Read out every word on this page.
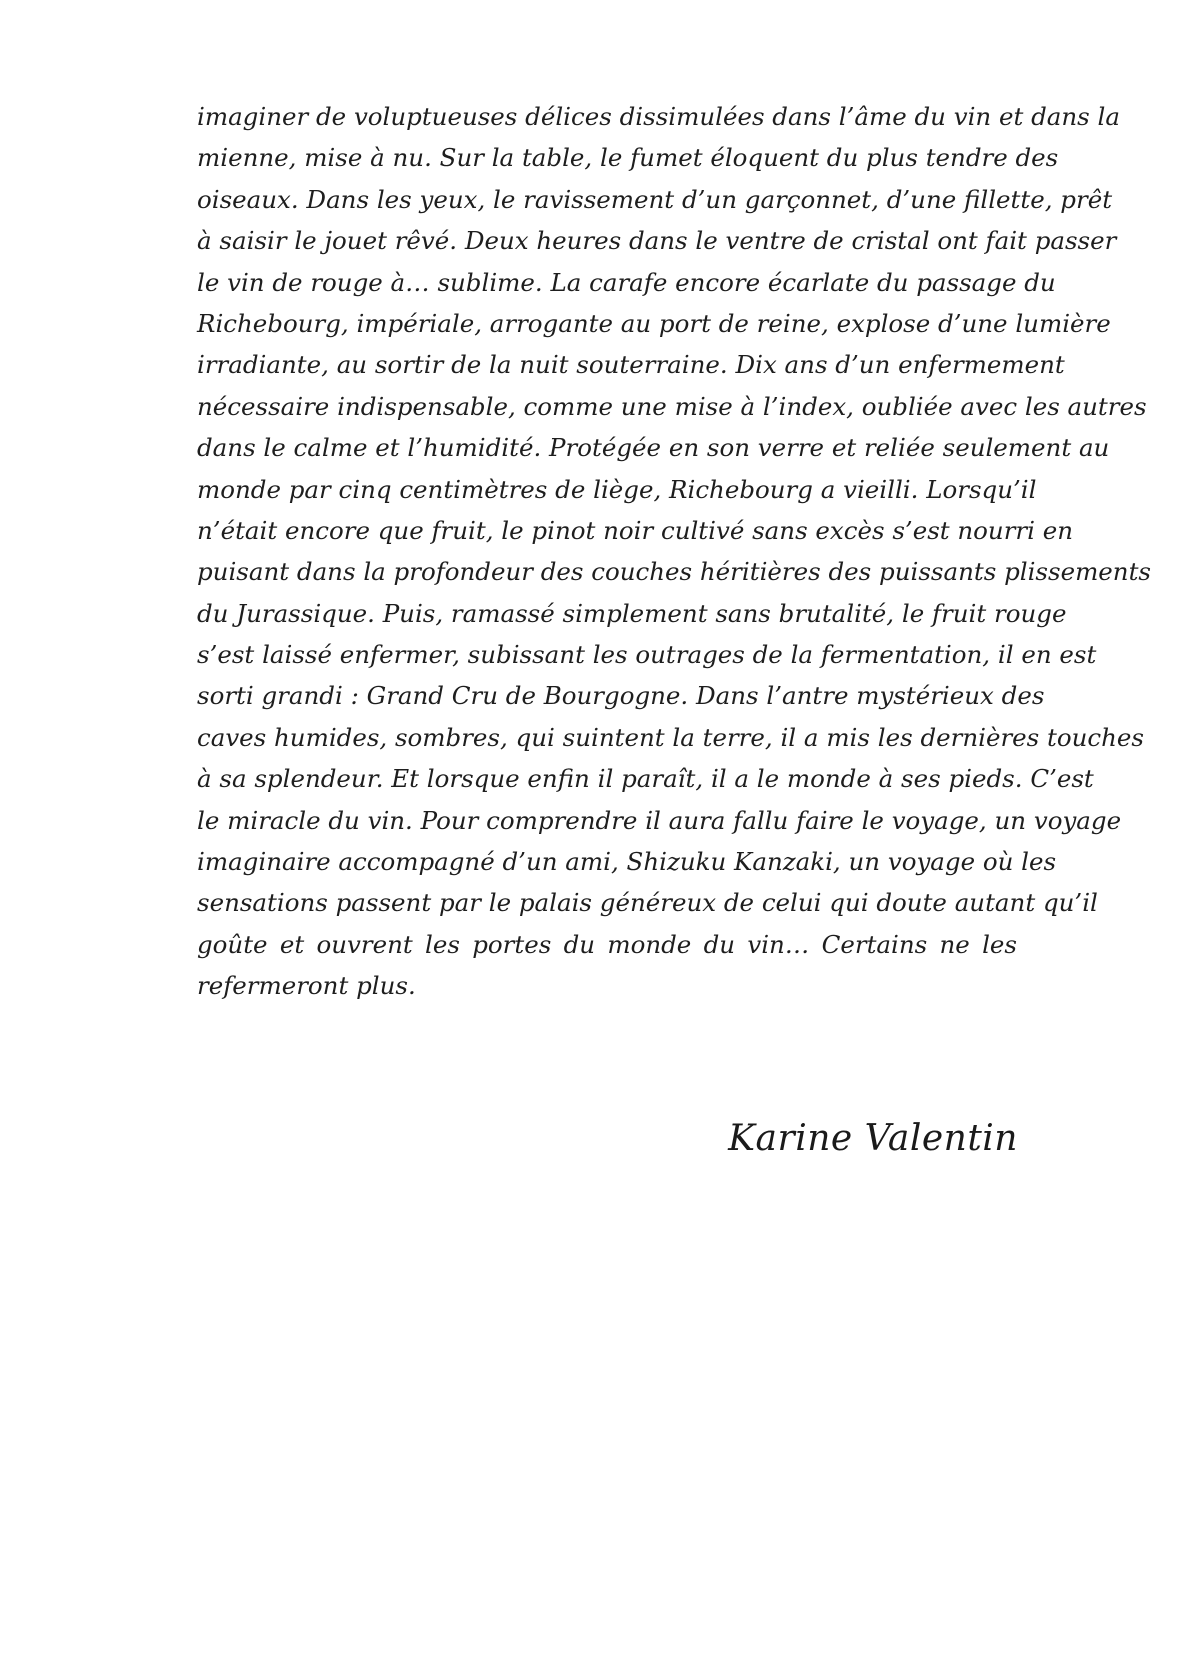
imaginer de voluptueuses délices dissimulées dans l’âme du vin et dans la
mienne, mise à nu. Sur la table, le fumet éloquent du plus tendre des
oiseaux. Dans les yeux, le ravissement d’un garçonnet, d’une fillette, prêt
à saisir le jouet rêvé. Deux heures dans le ventre de cristal ont fait passer
le vin de rouge à… sublime. La carafe encore écarlate du passage du
Richebourg, impériale, arrogante au port de reine, explose d’une lumière
irradiante, au sortir de la nuit souterraine. Dix ans d’un enfermement
nécessaire indispensable, comme une mise à l’index, oubliée avec les autres
dans le calme et l’humidité. Protégée en son verre et reliée seulement au
monde par cinq centimètres de liège, Richebourg a vieilli. Lorsqu’il
n’était encore que fruit, le pinot noir cultivé sans excès s’est nourri en
puisant dans la profondeur des couches héritières des puissants plissements
du Jurassique. Puis, ramassé simplement sans brutalité, le fruit rouge
s’est laissé enfermer, subissant les outrages de la fermentation, il en est
sorti grandi : Grand Cru de Bourgogne. Dans l’antre mystérieux des
caves humides, sombres, qui suintent la terre, il a mis les dernières touches
à sa splendeur. Et lorsque enfin il paraît, il a le monde à ses pieds. C’est
le miracle du vin. Pour comprendre il aura fallu faire le voyage, un voyage
imaginaire accompagné d’un ami, Shizuku Kanzaki, un voyage où les
sensations passent par le palais généreux de celui qui doute autant qu’il
goûte et ouvrent les portes du monde du vin… Certains ne les
refermeront plus.
Karine Valentin
